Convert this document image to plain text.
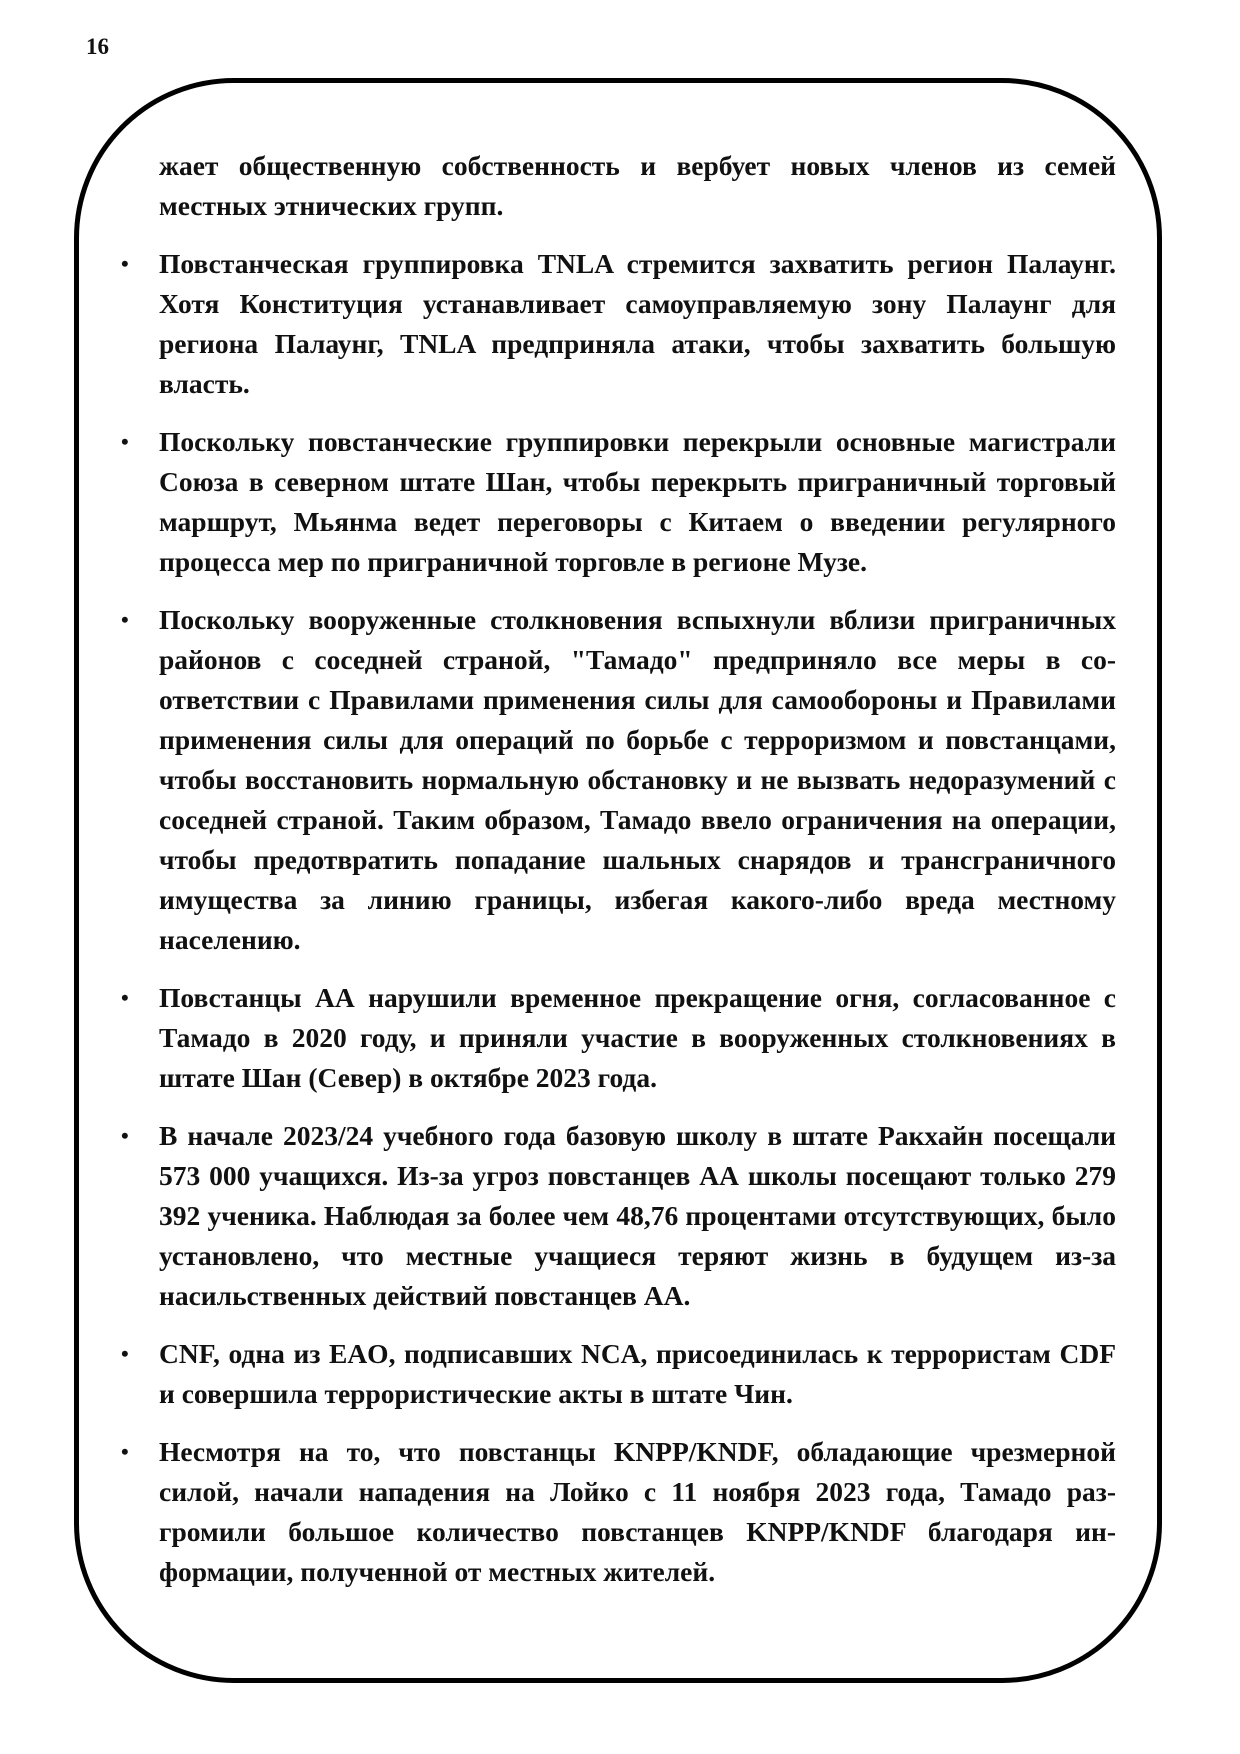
16

жает общественную собственность и вербует новых членов из семей местных этнических групп.

• Повстанческая группировка TNLA стремится захватить регион Палаунг. Хотя Конституция устанавливает самоуправляемую зону Палаунг для региона Палаунг, TNLA предприняла атаки, чтобы захватить большую власть.
• Поскольку повстанческие группировки перекрыли основные магистрали Союза в северном штате Шан, чтобы перекрыть приграничный торговый маршрут, Мьянма ведет переговоры с Китаем о введении регулярного процесса мер по приграничной торговле в регионе Музе.
• Поскольку вооруженные столкновения вспыхнули вблизи приграничных районов с соседней страной, "Тамадо" предприняло все меры в соответствии с Правилами применения силы для самообороны и Правилами применения силы для операций по борьбе с терроризмом и повстанцами, чтобы восстановить нормальную обстановку и не вызвать недоразумений с соседней страной. Таким образом, Тамадо ввело ограничения на операции, чтобы предотвратить попадание шальных снарядов и трансграничного имущества за линию границы, избегая какого-либо вреда местному населению.
• Повстанцы АА нарушили временное прекращение огня, согласованное с Тамадо в 2020 году, и приняли участие в вооруженных столкновениях в штате Шан (Север) в октябре 2023 года.
• В начале 2023/24 учебного года базовую школу в штате Ракхайн посещали 573 000 учащихся. Из-за угроз повстанцев АА школы посещают только 279 392 ученика. Наблюдая за более чем 48,76 процентами отсутствующих, было установлено, что местные учащиеся теряют жизнь в будущем из-за насильственных действий повстанцев АА.
• CNF, одна из EAO, подписавших NCA, присоединилась к террористам CDF и совершила террористические акты в штате Чин.
• Несмотря на то, что повстанцы KNPP/KNDF, обладающие чрезмерной силой, начали нападения на Лойко с 11 ноября 2023 года, Тамадо разгромили большое количество повстанцев KNPP/KNDF благодаря информации, полученной от местных жителей.
